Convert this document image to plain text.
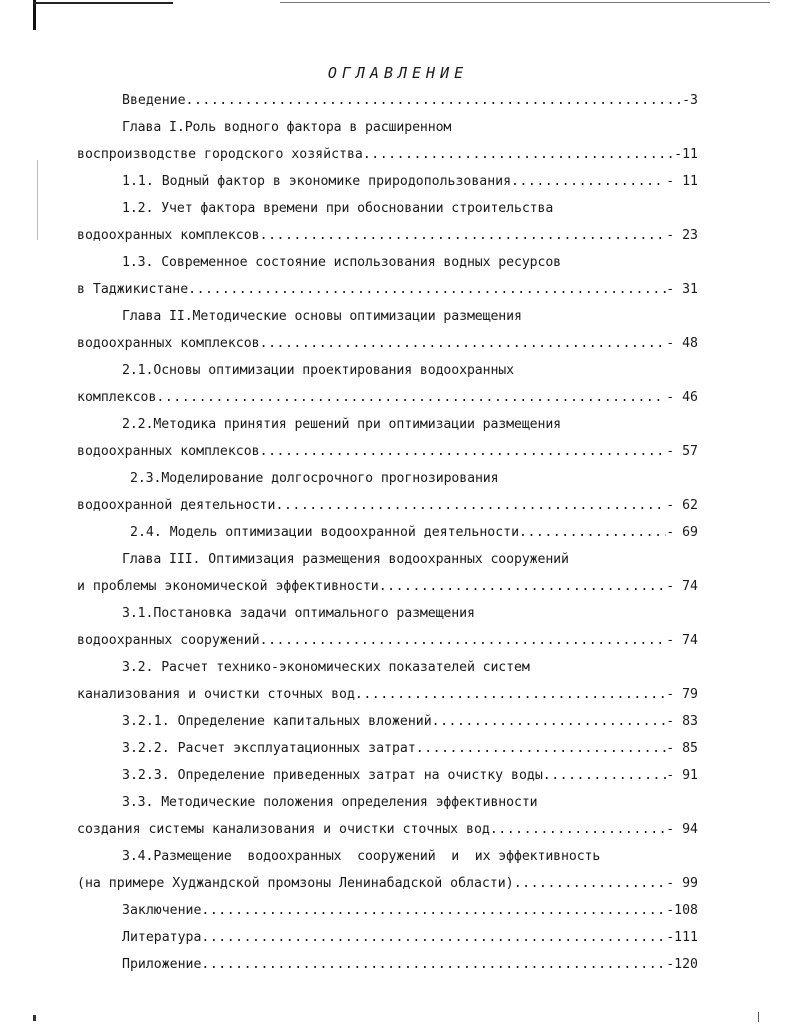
ОГЛАВЛЕНИЕ
Введение .....	-3
Глава I.Роль водного фактора в расширенном
воспроизводстве городского хозяйства .....	-11
1.1. Водный фактор в экономике природопользования .....	- 11
1.2. Учет фактора времени при обосновании строительства
водоохранных комплексов .....	- 23
1.3. Современное состояние использования водных ресурсов
в Таджикистане .....	- 31
Глава II.Методические основы оптимизации размещения
водоохранных комплексов .....	- 48
2.1.Основы оптимизации проектирования водоохранных
комплексов .....	- 46
2.2.Методика принятия решений при оптимизации размещения
водоохранных комплексов .....	- 57
2.3.Моделирование долгосрочного прогнозирования
водоохранной деятельности .....	- 62
2.4. Модель оптимизации водоохранной деятельности .....	- 69
Глава III. Оптимизация размещения водоохранных сооружений
и проблемы экономической эффективности .....	- 74
3.1.Постановка задачи оптимального размещения
водоохранных сооружений .....	- 74
3.2. Расчет технико-экономических показателей систем
канализования и очистки сточных вод .....	- 79
3.2.1. Определение капитальных вложений .....	- 83
3.2.2. Расчет эксплуатационных затрат .....	- 85
3.2.3. Определение приведенных затрат на очистку воды .....	- 91
3.3. Методические положения определения эффективности
создания системы канализования и очистки сточных вод .....	- 94
3.4.Размещение  водоохранных  сооружений  и  их эффективность
(на примере Худжандской промзоны Ленинабадской области) .....	- 99
Заключение .....	-108
Литература .....	-111
Приложение .....	-120
